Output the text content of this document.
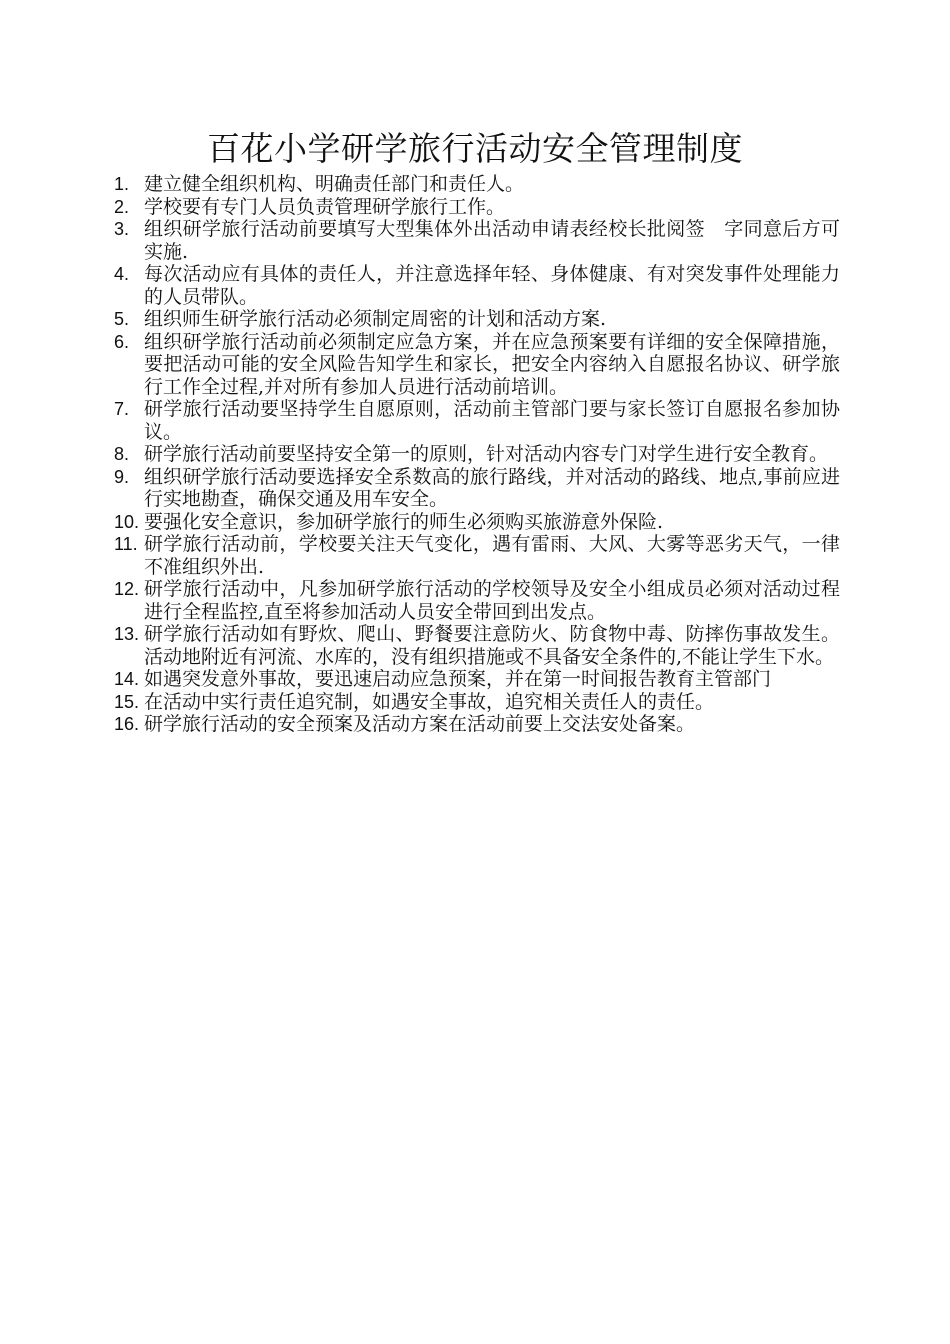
百花小学研学旅行活动安全管理制度
1. 建立健全组织机构、明确责任部门和责任人。
2. 学校要有专门人员负责管理研学旅行工作。
3. 组织研学旅行活动前要填写大型集体外出活动申请表经校长批阅签　字同意后方可实施.
4. 每次活动应有具体的责任人，并注意选择年轻、身体健康、有对突发事件处理能力的人员带队。
5. 组织师生研学旅行活动必须制定周密的计划和活动方案.
6. 组织研学旅行活动前必须制定应急方案，并在应急预案要有详细的安全保障措施，要把活动可能的安全风险告知学生和家长，把安全内容纳入自愿报名协议、研学旅行工作全过程,并对所有参加人员进行活动前培训。
7. 研学旅行活动要坚持学生自愿原则，活动前主管部门要与家长签订自愿报名参加协议。
8. 研学旅行活动前要坚持安全第一的原则，针对活动内容专门对学生进行安全教育。
9. 组织研学旅行活动要选择安全系数高的旅行路线，并对活动的路线、地点,事前应进行实地勘查，确保交通及用车安全。
10. 要强化安全意识，参加研学旅行的师生必须购买旅游意外保险.
11. 研学旅行活动前，学校要关注天气变化，遇有雷雨、大风、大雾等恶劣天气，一律不准组织外出.
12. 研学旅行活动中，凡参加研学旅行活动的学校领导及安全小组成员必须对活动过程进行全程监控,直至将参加活动人员安全带回到出发点。
13. 研学旅行活动如有野炊、爬山、野餐要注意防火、防食物中毒、防摔伤事故发生。活动地附近有河流、水库的，没有组织措施或不具备安全条件的,不能让学生下水。
14. 如遇突发意外事故，要迅速启动应急预案，并在第一时间报告教育主管部门
15. 在活动中实行责任追究制，如遇安全事故，追究相关责任人的责任。
16. 研学旅行活动的安全预案及活动方案在活动前要上交法安处备案。
